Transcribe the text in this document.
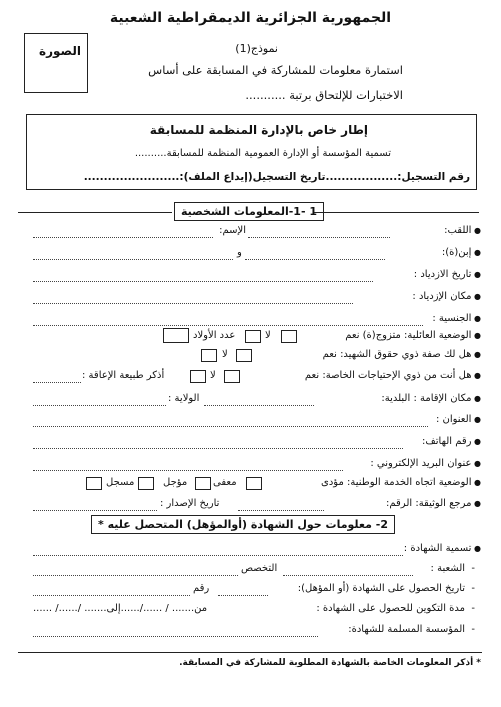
الجمهورية الجزائرية الديمقراطية الشعبية
الصورة	نموذج(1)
استمارة معلومات للمشاركة في المسابقة على أساس
الاختبارات للإلتحاق برتبة ...........
إطار خاص بالإدارة المنظمة للمسابقة
تسمية المؤسسة أو الإدارة العمومية المنظمة للمسابقة..........
رقم التسجيل:..................تاريخ التسجيل(إيداع الملف):........................
1 -1-المعلومات الشخصية
● اللقب:
الإسم:
● إبن(ة):
و
● تاريخ الازدياد :
● مكان الإزدياد :
● الجنسية :
● الوضعية العائلية: متزوج(ة) نعم
لا
عدد الأولاد
● هل لك صفة ذوي حقوق الشهيد: نعم
لا
● هل أنت من ذوي الإحتياجات الخاصة: نعم
لا
أذكر طبيعة الإعاقة :
● مكان الإقامة : البلدية:
الولاية :
● العنوان :
● رقم الهاتف:
● عنوان البريد الإلكتروني :
● الوضعية اتجاه الخدمة الوطنية: مؤدى
معفى
مؤجل
مسجل
● مرجع الوثيقة: الرقم:
تاريخ الإصدار :
2- معلومات حول الشهادة (أوالمؤهل) المتحصل عليه *
● تسمية الشهادة :
-  الشعبة :
التخصص
-  تاريخ الحصول على الشهادة (أو المؤهل):
رقم
-  مدة التكوين للحصول على الشهادة :
من....... / ....../......إلى....... /....../ ......
-  المؤسسة المسلمة للشهادة:
* أذكر المعلومات الخاصة بالشهادة المطلوبة للمشاركة في المسابقة.
